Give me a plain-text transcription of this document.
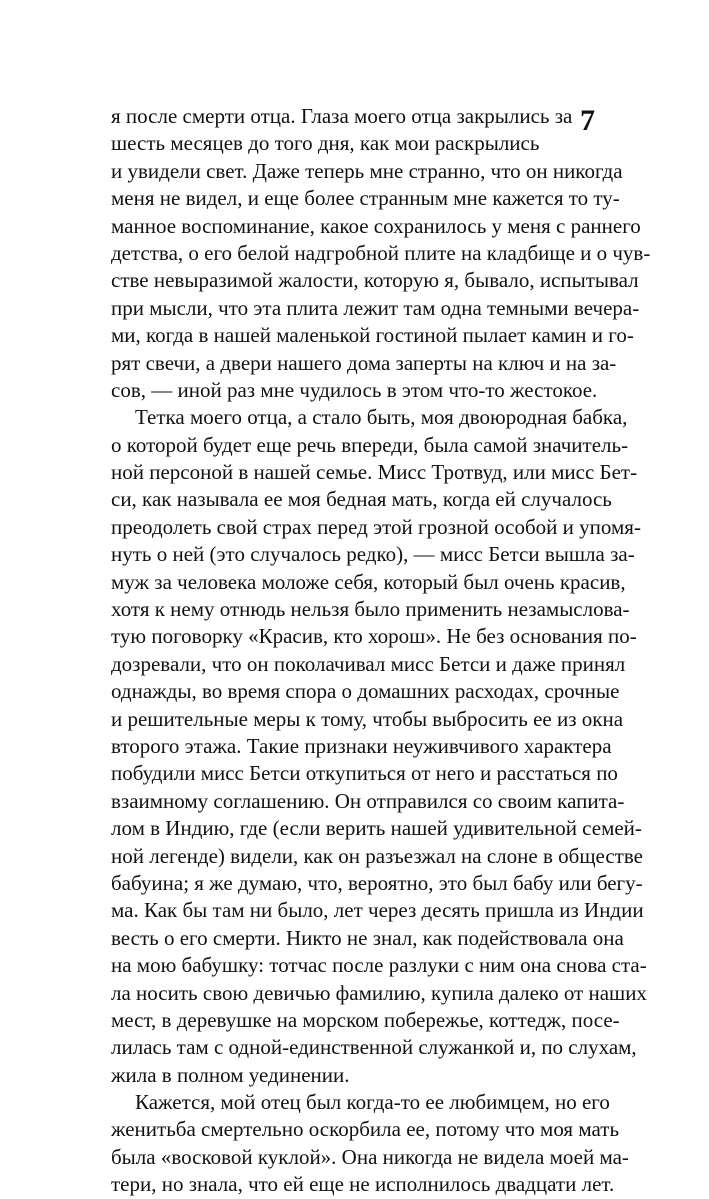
7
я после смерти отца. Глаза моего отца закрылись за
шесть месяцев до того дня, как мои раскрылись
и увидели свет. Даже теперь мне странно, что он никогда
меня не видел, и еще более странным мне кажется то ту-
манное воспоминание, какое сохранилось у меня с раннего
детства, о его белой надгробной плите на кладбище и о чув-
стве невыразимой жалости, которую я, бывало, испытывал
при мысли, что эта плита лежит там одна темными вечера-
ми, когда в нашей маленькой гостиной пылает камин и го-
рят свечи, а двери нашего дома заперты на ключ и на за-
сов, — иной раз мне чудилось в этом что-то жестокое.
Тетка моего отца, а стало быть, моя двоюродная бабка,
о которой будет еще речь впереди, была самой значитель-
ной персоной в нашей семье. Мисс Тротвуд, или мисс Бет-
си, как называла ее моя бедная мать, когда ей случалось
преодолеть свой страх перед этой грозной особой и упомя-
нуть о ней (это случалось редко), — мисс Бетси вышла за-
муж за человека моложе себя, который был очень красив,
хотя к нему отнюдь нельзя было применить незамыслова-
тую поговорку «Красив, кто хорош». Не без основания по-
дозревали, что он поколачивал мисс Бетси и даже принял
однажды, во время спора о домашних расходах, срочные
и решительные меры к тому, чтобы выбросить ее из окна
второго этажа. Такие признаки неуживчивого характера
побудили мисс Бетси откупиться от него и расстаться по
взаимному соглашению. Он отправился со своим капита-
лом в Индию, где (если верить нашей удивительной семей-
ной легенде) видели, как он разъезжал на слоне в обществе
бабуина; я же думаю, что, вероятно, это был бабу или бегу-
ма. Как бы там ни было, лет через десять пришла из Индии
весть о его смерти. Никто не знал, как подействовала она
на мою бабушку: тотчас после разлуки с ним она снова ста-
ла носить свою девичью фамилию, купила далеко от наших
мест, в деревушке на морском побережье, коттедж, посе-
лилась там с одной-единственной служанкой и, по слухам,
жила в полном уединении.
Кажется, мой отец был когда-то ее любимцем, но его
женитьба смертельно оскорбила ее, потому что моя мать
была «восковой куклой». Она никогда не видела моей ма-
тери, но знала, что ей еще не исполнилось двадцати лет.
